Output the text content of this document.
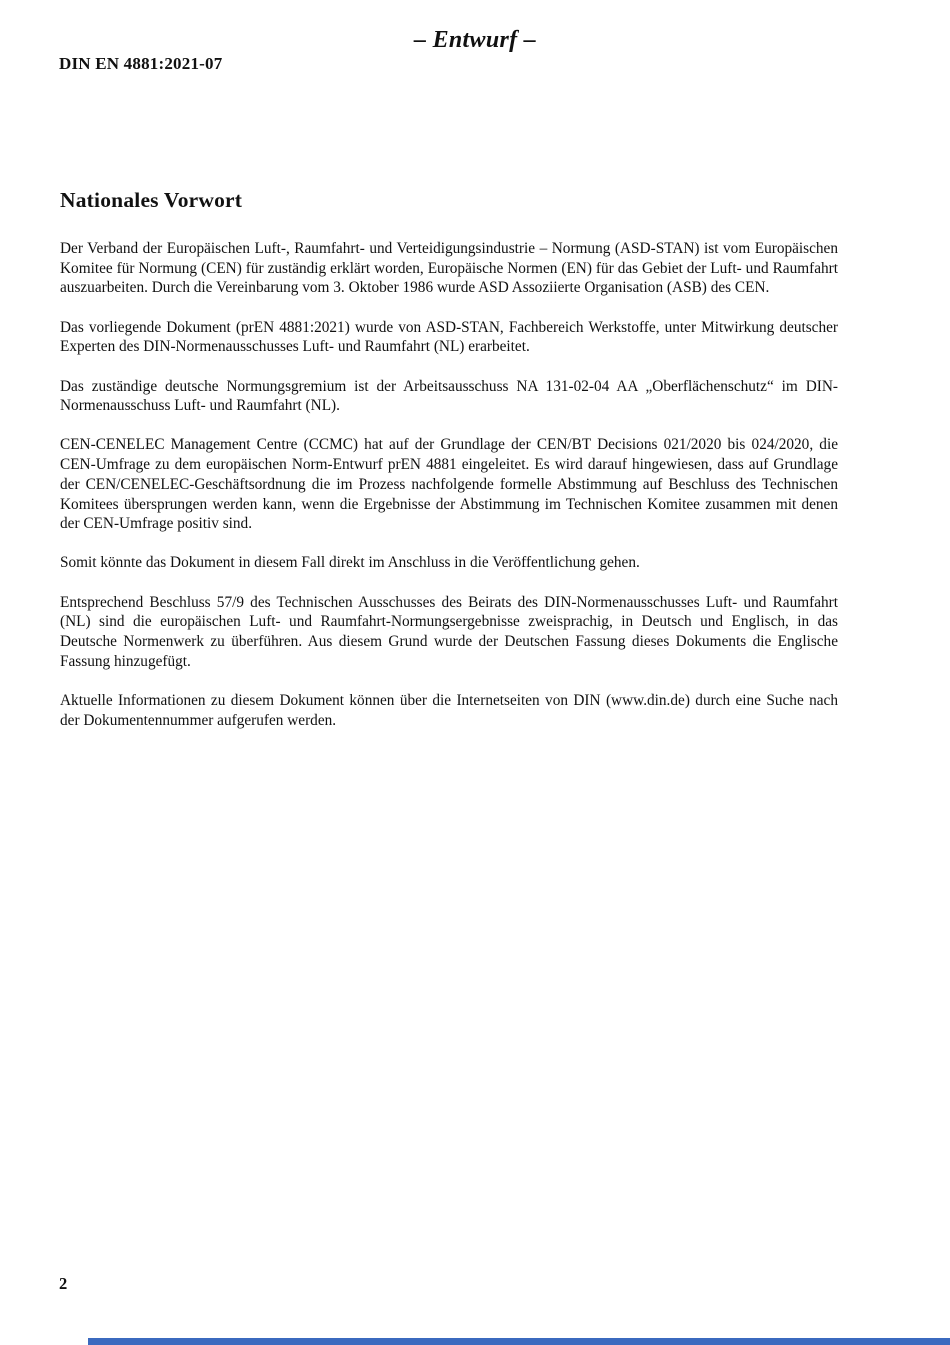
– Entwurf –
DIN EN 4881:2021-07
Nationales Vorwort

Der Verband der Europäischen Luft-, Raumfahrt- und Verteidigungsindustrie – Normung (ASD-STAN) ist vom Europäischen Komitee für Normung (CEN) für zuständig erklärt worden, Europäische Normen (EN) für das Gebiet der Luft- und Raumfahrt auszuarbeiten. Durch die Vereinbarung vom 3. Oktober 1986 wurde ASD Assoziierte Organisation (ASB) des CEN.

Das vorliegende Dokument (prEN 4881:2021) wurde von ASD-STAN, Fachbereich Werkstoffe, unter Mitwirkung deutscher Experten des DIN-Normenausschusses Luft- und Raumfahrt (NL) erarbeitet.

Das zuständige deutsche Normungsgremium ist der Arbeitsausschuss NA 131-02-04 AA „Oberflächenschutz“ im DIN-Normenausschuss Luft- und Raumfahrt (NL).

CEN-CENELEC Management Centre (CCMC) hat auf der Grundlage der CEN/BT Decisions 021/2020 bis 024/2020, die CEN-Umfrage zu dem europäischen Norm-Entwurf prEN 4881 eingeleitet. Es wird darauf hingewiesen, dass auf Grundlage der CEN/CENELEC-Geschäftsordnung die im Prozess nachfolgende formelle Abstimmung auf Beschluss des Technischen Komitees übersprungen werden kann, wenn die Ergebnisse der Abstimmung im Technischen Komitee zusammen mit denen der CEN-Umfrage positiv sind.

Somit könnte das Dokument in diesem Fall direkt im Anschluss in die Veröffentlichung gehen.

Entsprechend Beschluss 57/9 des Technischen Ausschusses des Beirats des DIN-Normenausschusses Luft- und Raumfahrt (NL) sind die europäischen Luft- und Raumfahrt-Normungsergebnisse zweisprachig, in Deutsch und Englisch, in das Deutsche Normenwerk zu überführen. Aus diesem Grund wurde der Deutschen Fassung dieses Dokuments die Englische Fassung hinzugefügt.

Aktuelle Informationen zu diesem Dokument können über die Internetseiten von DIN (www.din.de) durch eine Suche nach der Dokumentennummer aufgerufen werden.

2
